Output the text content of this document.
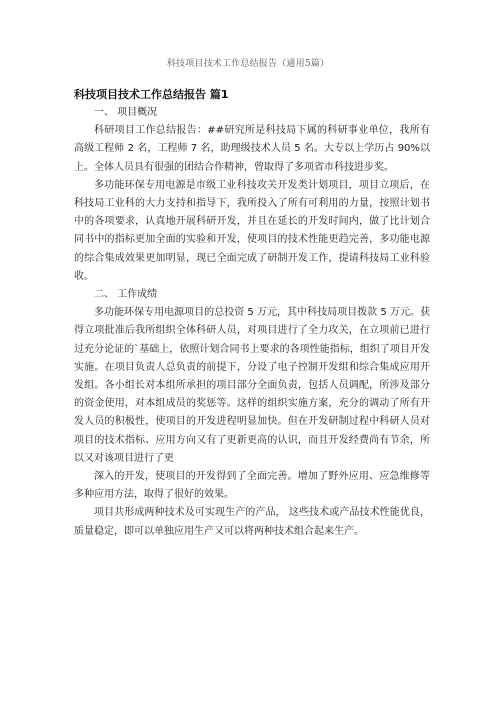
科技项目技术工作总结报告（通用5篇）
科技项目技术工作总结报告 篇1

一、 项目概况

科研项目工作总结报告：##研究所是科技局下属的科研事业单位，我所有高级工程师 2 名，工程师 7 名，助理级技术人员 5 名。大专以上学历占 90%以上。全体人员具有很强的团结合作精神，曾取得了多项省市科技进步奖。

多功能环保专用电源是市级工业科技攻关开发类计划项目，项目立项后，在科技局工业科的大力支持和指导下，我所投入了所有可利用的力量，按照计划书中的各项要求，认真地开展科研开发，并且在延长的开发时间内，做了比计划合同书中的指标更加全面的实验和开发，使项目的技术性能更趋完善，多功能电源的综合集成效果更加明显，现已全面完成了研制开发工作，提请科技局工业科验收。

二、 工作成绩

多功能环保专用电源项目的总投资 5 万元，其中科技局项目拨款 5 万元。获得立项批准后我所组织全体科研人员，对项目进行了全力攻关，在立项前已进行过充分论证的`基础上，依照计划合同书上要求的各项性能指标，组织了项目开发实施。在项目负责人总负责的前提下，分设了电子控制开发组和综合集成应用开发组。各小组长对本组所承担的项目部分全面负责，包括人员调配，所涉及部分的资金使用，对本组成员的奖惩等。这样的组织实施方案，充分的调动了所有开发人员的积极性，使项目的开发进程明显加快。但在开发研制过程中科研人员对项目的技术指标、应用方向又有了更新更高的认识，而且开发经费尚有节余，所以又对该项目进行了更

深入的开发，使项目的开发得到了全面完善。增加了野外应用、应急维修等多种应用方法，取得了很好的效果。

项目共形成两种技术及可实现生产的产品， 这些技术或产品技术性能优良，质量稳定，即可以单独应用生产又可以将两种技术组合起来生产。
